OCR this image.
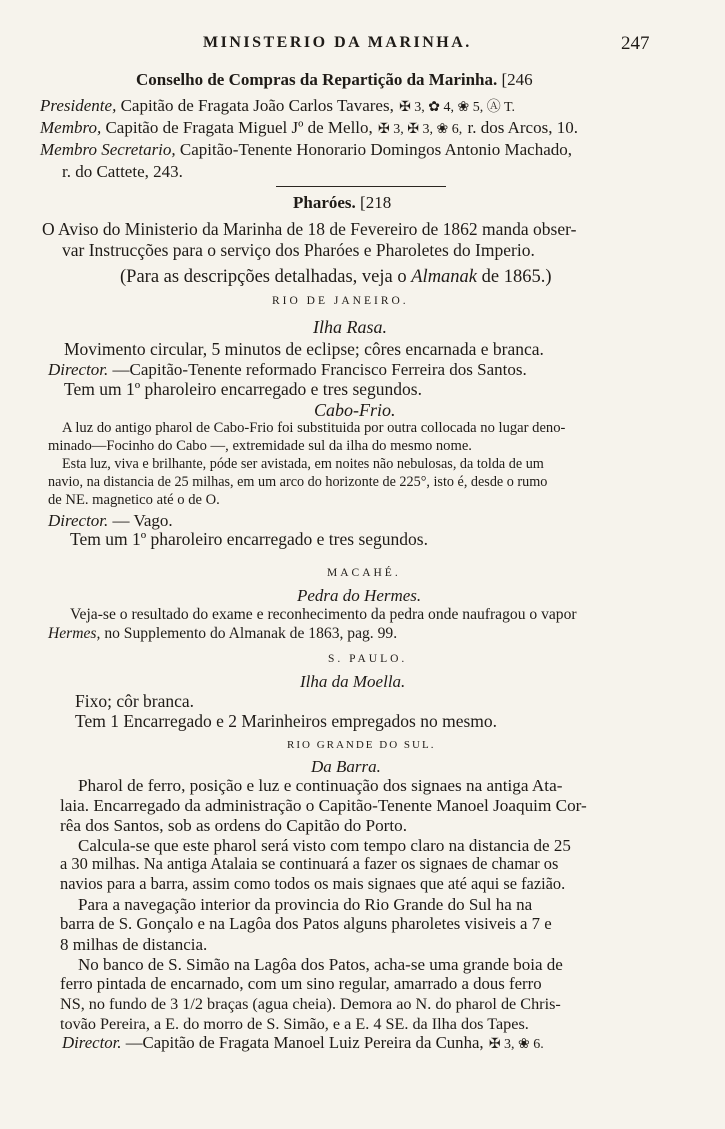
MINISTERIO DA MARINHA.	247
Conselho de Compras da Repartição da Marinha. [246
Presidente, Capitão de Fragata João Carlos Tavares, ✠ 3, ✿ 4, ❀ 5, Ⓐ T.
Membro, Capitão de Fragata Miguel Jº de Mello, ✠ 3, ✠ 3, ❀ 6, r. dos Arcos, 10.
Membro Secretario, Capitão-Tenente Honorario Domingos Antonio Machado,
r. do Cattete, 243.
Pharóes. [218
O Aviso do Ministerio da Marinha de 18 de Fevereiro de 1862 manda obser-
var Instrucções para o serviço dos Pharóes e Pharoletes do Imperio.
(Para as descripções detalhadas, veja o Almanak de 1865.)
RIO DE JANEIRO.
Ilha Rasa.
Movimento circular, 5 minutos de eclipse; côres encarnada e branca.
Director. —Capitão-Tenente reformado Francisco Ferreira dos Santos.
Tem um 1º pharoleiro encarregado e tres segundos.
Cabo-Frio.
A luz do antigo pharol de Cabo-Frio foi substituida por outra collocada no lugar deno-
minado—Focinho do Cabo —, extremidade sul da ilha do mesmo nome.
Esta luz, viva e brilhante, póde ser avistada, em noites não nebulosas, da tolda de um
navio, na distancia de 25 milhas, em um arco do horizonte de 225°, isto é, desde o rumo
de NE. magnetico até o de O.
Director. — Vago.
Tem um 1º pharoleiro encarregado e tres segundos.
MACAHÉ.
Pedra do Hermes.
Veja-se o resultado do exame e reconhecimento da pedra onde naufragou o vapor
Hermes, no Supplemento do Almanak de 1863, pag. 99.
S. PAULO.
Ilha da Moella.
Fixo; côr branca.
Tem 1 Encarregado e 2 Marinheiros empregados no mesmo.
RIO GRANDE DO SUL.
Da Barra.
Pharol de ferro, posição e luz e continuação dos signaes na antiga Ata-
laia. Encarregado da administração o Capitão-Tenente Manoel Joaquim Cor-
rêa dos Santos, sob as ordens do Capitão do Porto.
Calcula-se que este pharol será visto com tempo claro na distancia de 25
a 30 milhas. Na antiga Atalaia se continuará a fazer os signaes de chamar os
navios para a barra, assim como todos os mais signaes que até aqui se fazião.
Para a navegação interior da provincia do Rio Grande do Sul ha na
barra de S. Gonçalo e na Lagôa dos Patos alguns pharoletes visiveis a 7 e
8 milhas de distancia.
No banco de S. Simão na Lagôa dos Patos, acha-se uma grande boia de
ferro pintada de encarnado, com um sino regular, amarrado a dous ferro
NS, no fundo de 3 1/2 braças (agua cheia). Demora ao N. do pharol de Chris-
tovão Pereira, a E. do morro de S. Simão, e a E. 4 SE. da Ilha dos Tapes.
Director. —Capitão de Fragata Manoel Luiz Pereira da Cunha, ✠ 3, ❀ 6.
